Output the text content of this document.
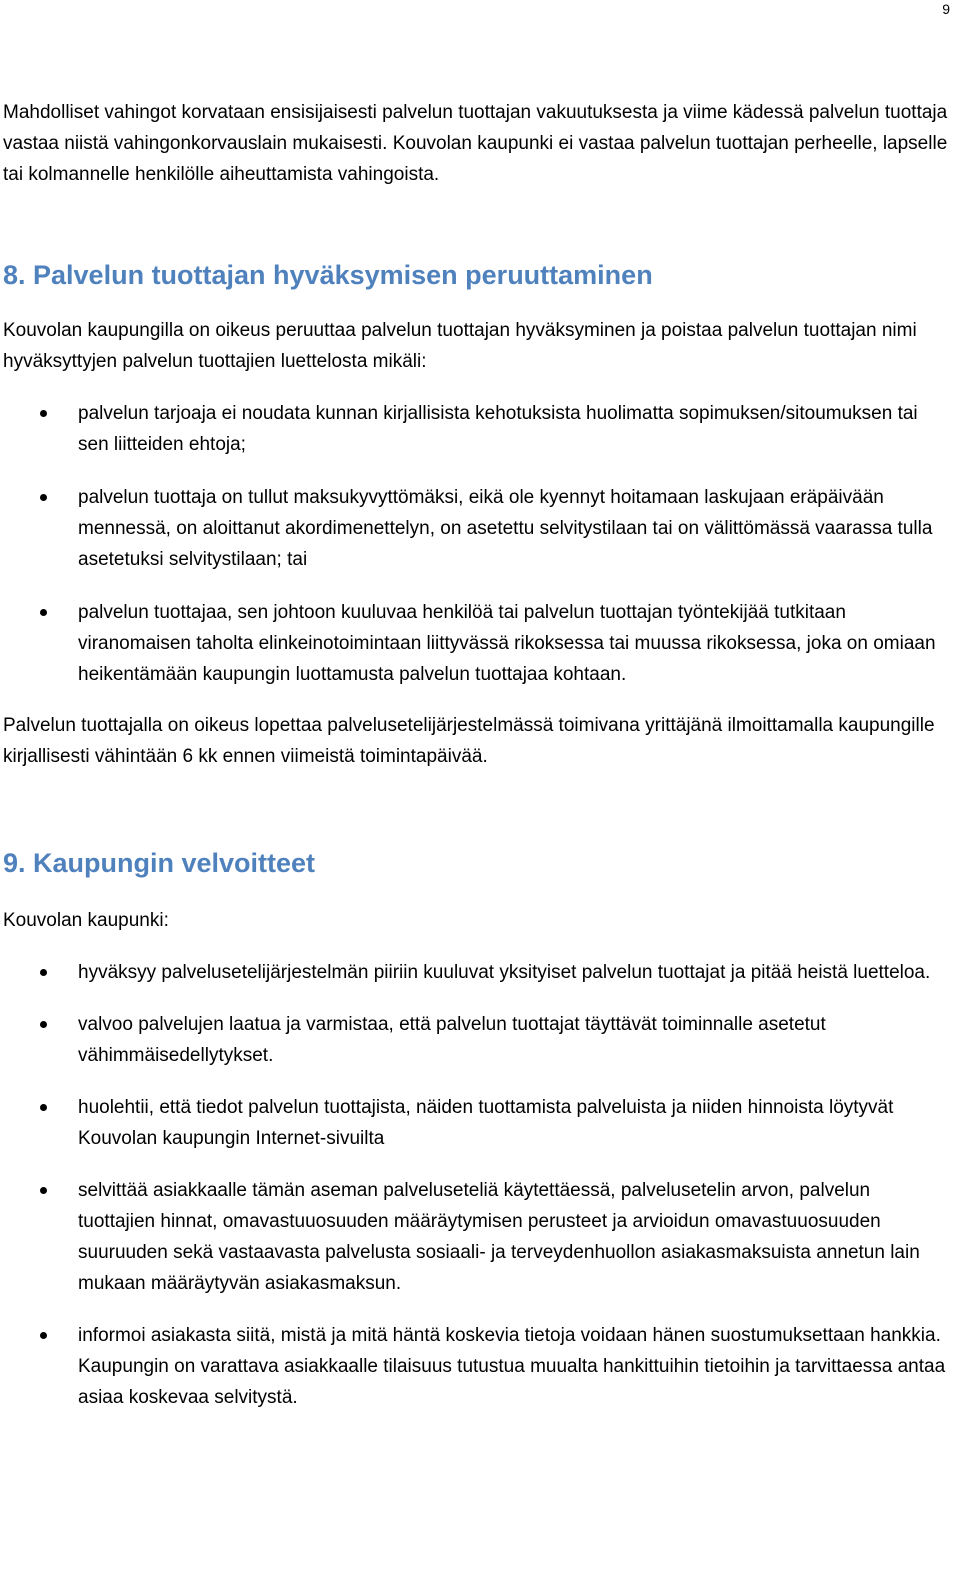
9

Mahdolliset vahingot korvataan ensisijaisesti palvelun tuottajan vakuutuksesta ja viime kädessä palvelun tuottaja vastaa niistä vahingonkorvauslain mukaisesti. Kouvolan kaupunki ei vastaa palvelun tuottajan perheelle, lapselle tai kolmannelle henkilölle aiheuttamista vahingoista.

8. Palvelun tuottajan hyväksymisen peruuttaminen

Kouvolan kaupungilla on oikeus peruuttaa palvelun tuottajan hyväksyminen ja poistaa palvelun tuottajan nimi hyväksyttyjen palvelun tuottajien luettelosta mikäli:

palvelun tarjoaja ei noudata kunnan kirjallisista kehotuksista huolimatta sopimuksen/sitoumuksen tai sen liitteiden ehtoja;
palvelun tuottaja on tullut maksukyvyttömäksi, eikä ole kyennyt hoitamaan laskujaan eräpäivään mennessä, on aloittanut akordimenettelyn, on asetettu selvitystilaan tai on välittömässä vaarassa tulla asetetuksi selvitystilaan; tai
palvelun tuottajaa, sen johtoon kuuluvaa henkilöä tai palvelun tuottajan työntekijää tutkitaan viranomaisen taholta elinkeinotoimintaan liittyvässä rikoksessa tai muussa rikoksessa, joka on omiaan heikentämään kaupungin luottamusta palvelun tuottajaa kohtaan.

Palvelun tuottajalla on oikeus lopettaa palvelusetelijärjestelmässä toimivana yrittäjänä ilmoittamalla kaupungille kirjallisesti vähintään 6 kk ennen viimeistä toimintapäivää.

9. Kaupungin velvoitteet

Kouvolan kaupunki:

hyväksyy palvelusetelijärjestelmän piiriin kuuluvat yksityiset palvelun tuottajat ja pitää heistä luetteloa.
valvoo palvelujen laatua ja varmistaa, että palvelun tuottajat täyttävät toiminnalle asetetut vähimmäisedellytykset.
huolehtii, että tiedot palvelun tuottajista, näiden tuottamista palveluista ja niiden hinnoista löytyvät Kouvolan kaupungin Internet-sivuilta
selvittää asiakkaalle tämän aseman palveluseteliä käytettäessä, palvelusetelin arvon, palvelun tuottajien hinnat, omavastuuosuuden määräytymisen perusteet ja arvioidun omavastuuosuuden suuruuden sekä vastaavasta palvelusta sosiaali- ja terveydenhuollon asiakasmaksuista annetun lain mukaan määräytyvän asiakasmaksun.
informoi asiakasta siitä, mistä ja mitä häntä koskevia tietoja voidaan hänen suostumuksettaan hankkia. Kaupungin on varattava asiakkaalle tilaisuus tutustua muualta hankittuihin tietoihin ja tarvittaessa antaa asiaa koskevaa selvitystä.
